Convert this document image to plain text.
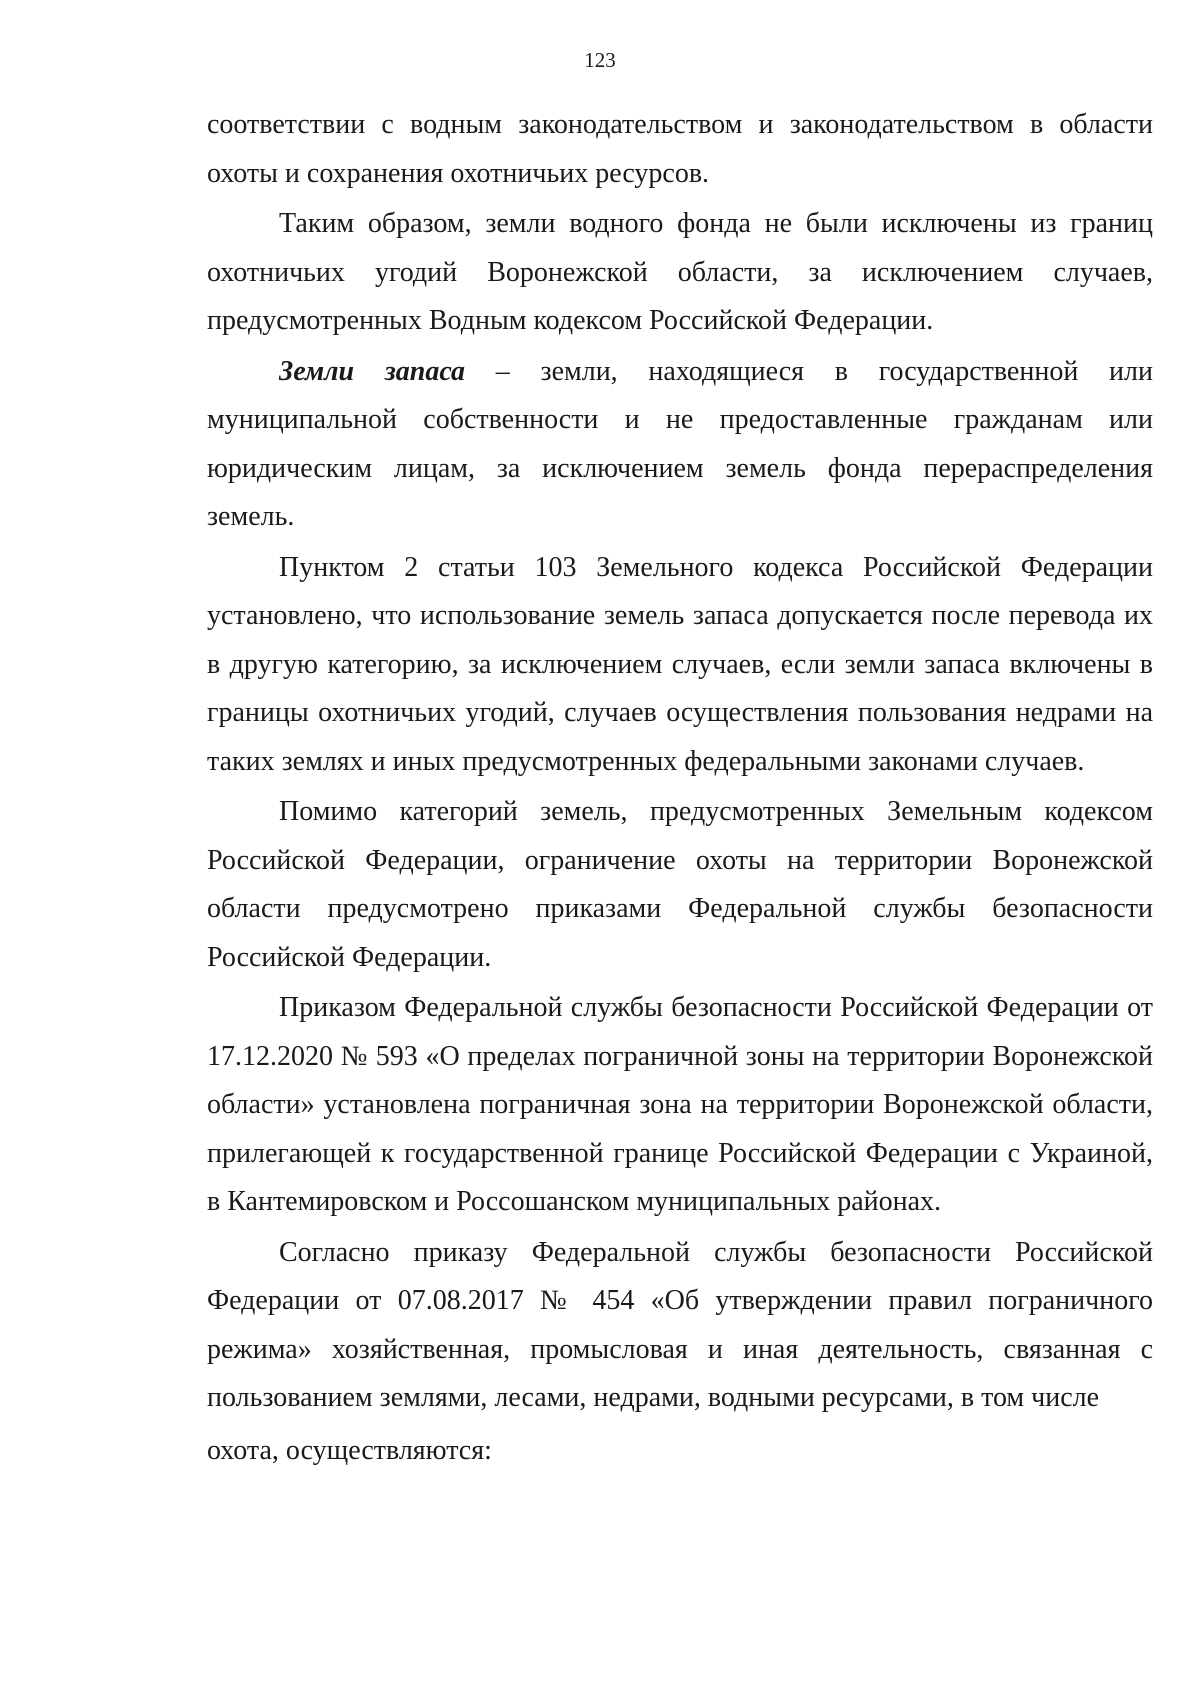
123

соответствии с водным законодательством и законодательством в области охоты и сохранения охотничьих ресурсов.

Таким образом, земли водного фонда не были исключены из границ охотничьих угодий Воронежской области, за исключением случаев, предусмотренных Водным кодексом Российской Федерации.

Земли запаса – земли, находящиеся в государственной или муниципальной собственности и не предоставленные гражданам или юридическим лицам, за исключением земель фонда перераспределения земель.

Пунктом 2 статьи 103 Земельного кодекса Российской Федерации установлено, что использование земель запаса допускается после перевода их в другую категорию, за исключением случаев, если земли запаса включены в границы охотничьих угодий, случаев осуществления пользования недрами на таких землях и иных предусмотренных федеральными законами случаев.

Помимо категорий земель, предусмотренных Земельным кодексом Российской Федерации, ограничение охоты на территории Воронежской области предусмотрено приказами Федеральной службы безопасности Российской Федерации.

Приказом Федеральной службы безопасности Российской Федерации от 17.12.2020 № 593 «О пределах пограничной зоны на территории Воронежской области» установлена пограничная зона на территории Воронежской области, прилегающей к государственной границе Российской Федерации с Украиной, в Кантемировском и Россошанском муниципальных районах.

Согласно приказу Федеральной службы безопасности Российской Федерации от 07.08.2017 № 454 «Об утверждении правил пограничного режима» хозяйственная, промысловая и иная деятельность, связанная с пользованием землями, лесами, недрами, водными ресурсами, в том числе

охота, осуществляются:
